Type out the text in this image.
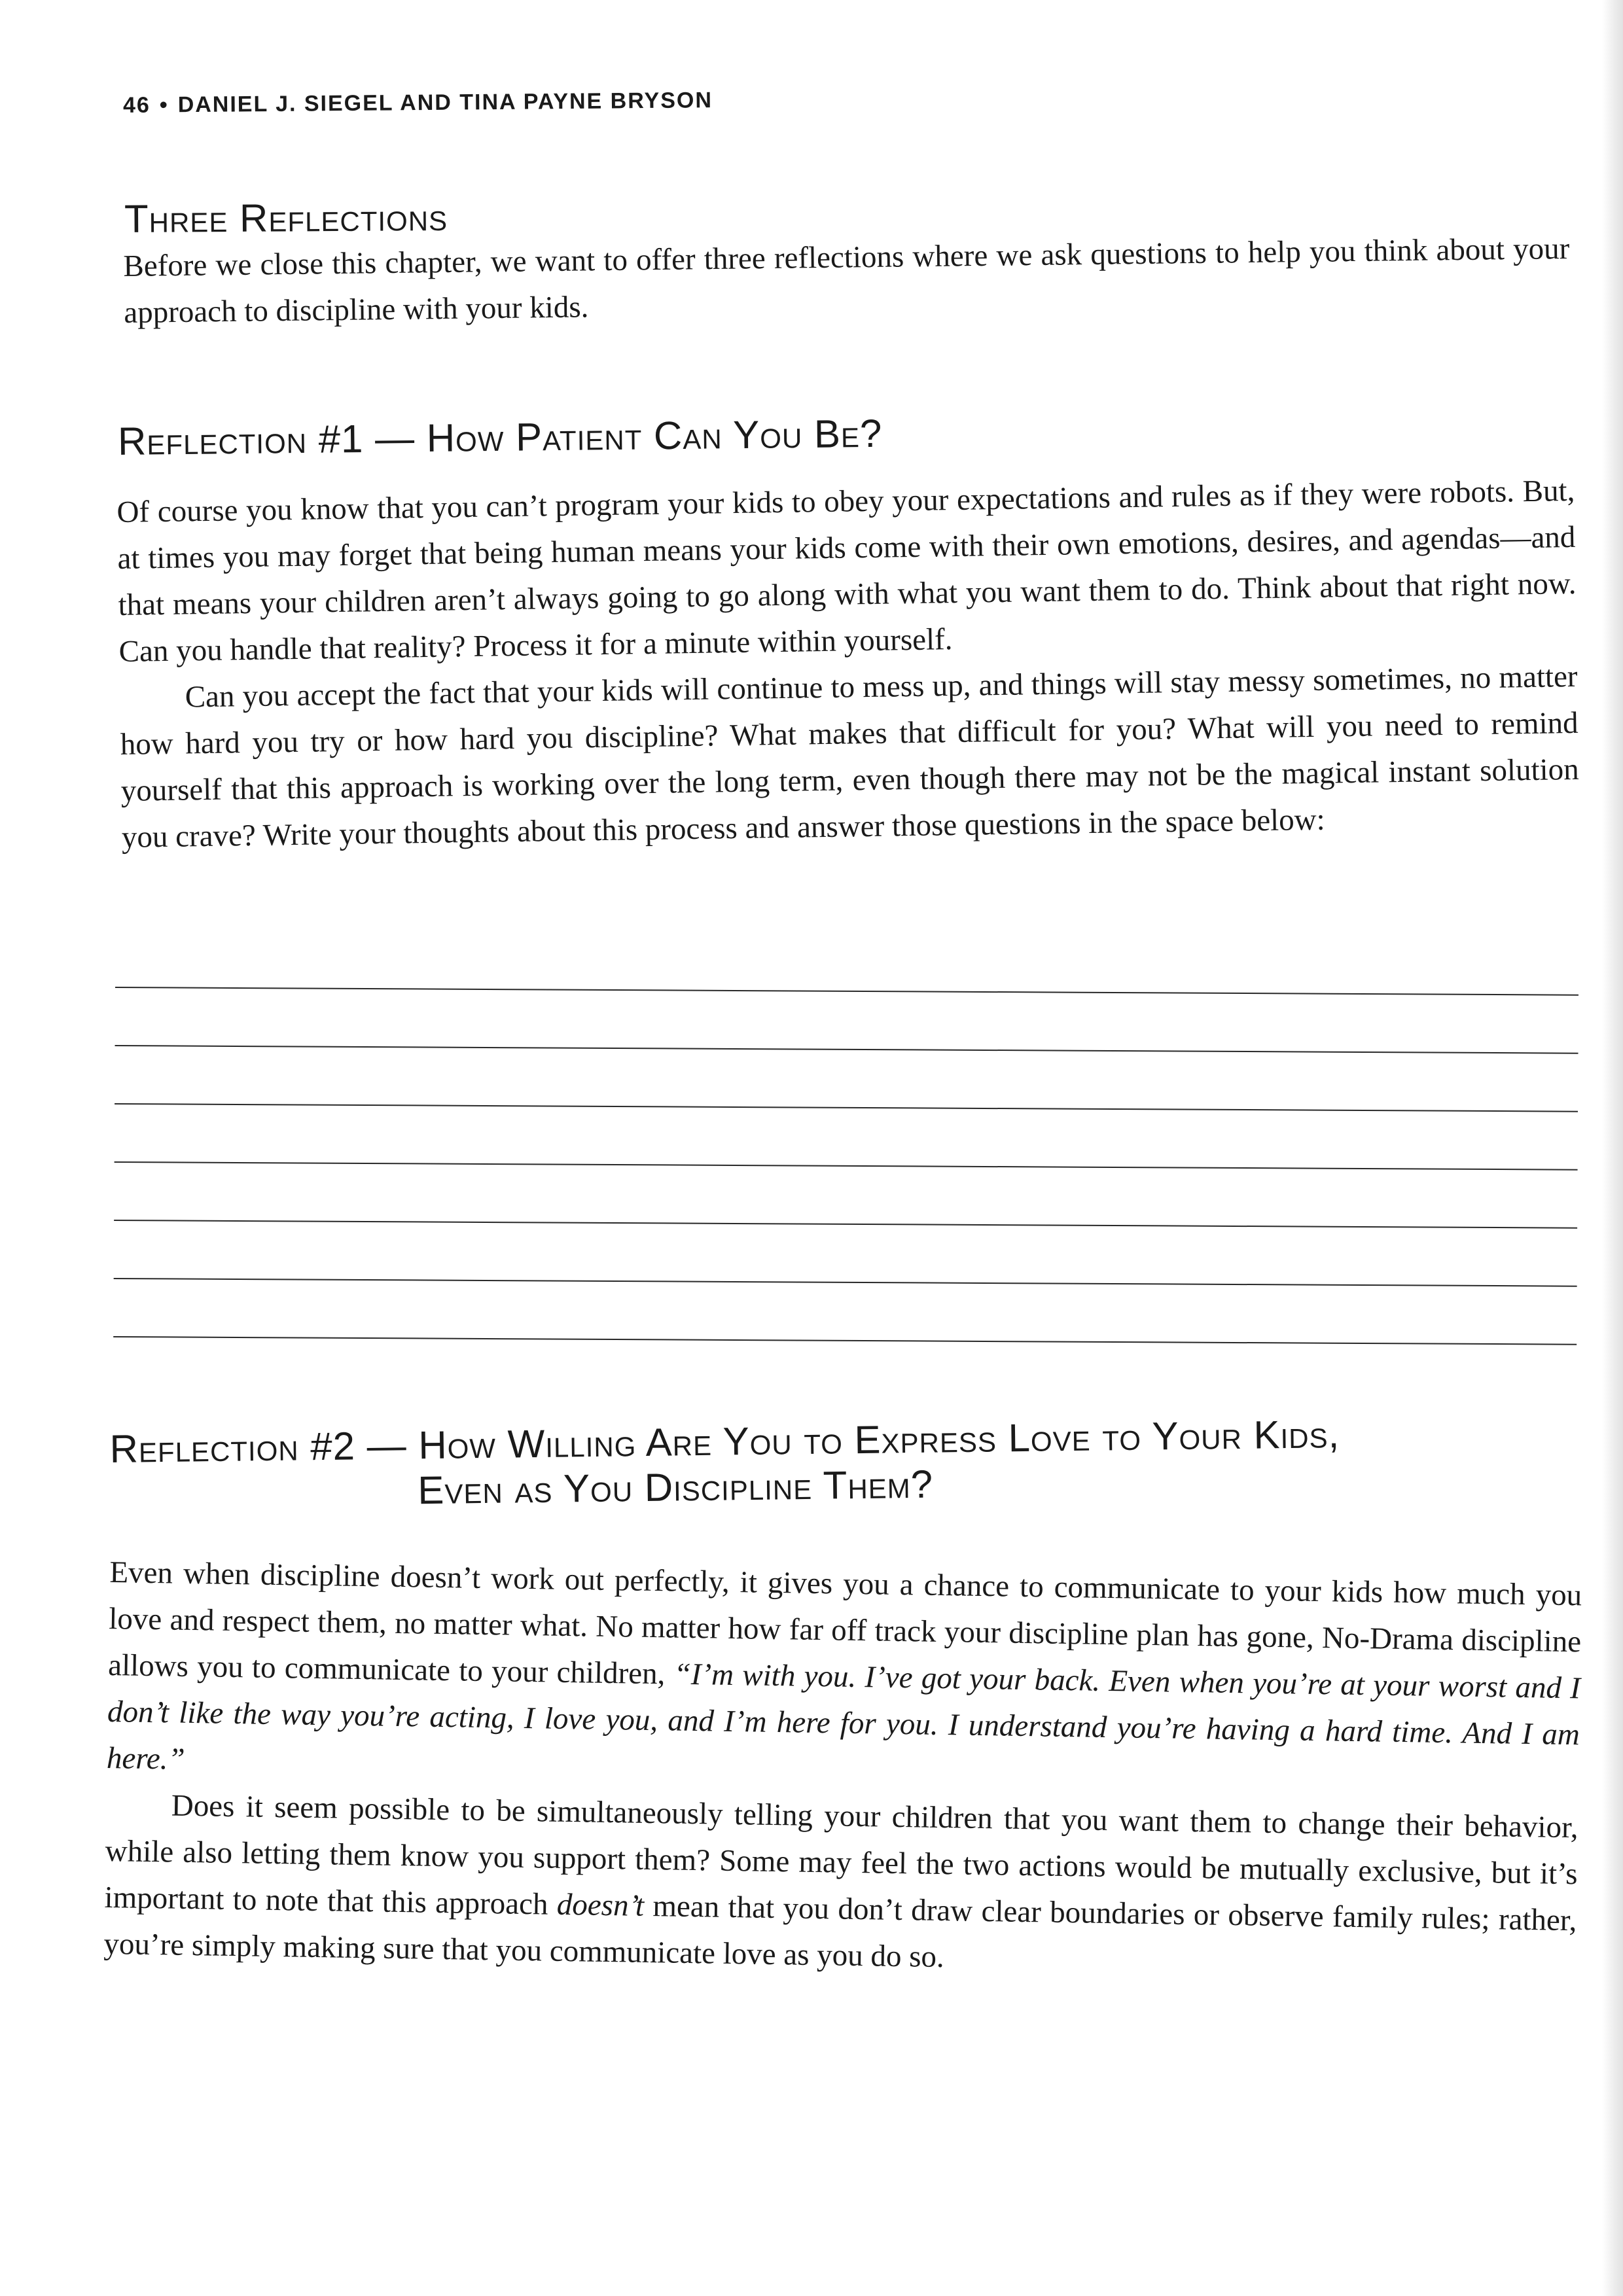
46 • DANIEL J. SIEGEL AND TINA PAYNE BRYSON
Three Reflections

Before we close this chapter, we want to offer three reflections where we ask questions to help you think about your approach to discipline with your kids.

Reflection #1 — How Patient Can You Be?

Of course you know that you can’t program your kids to obey your expectations and rules as if they were robots. But, at times you may forget that being human means your kids come with their own emotions, desires, and agendas—and that means your children aren’t always going to go along with what you want them to do. Think about that right now. Can you handle that reality? Process it for a minute within yourself.

Can you accept the fact that your kids will continue to mess up, and things will stay messy sometimes, no matter how hard you try or how hard you discipline? What makes that difficult for you? What will you need to remind yourself that this approach is working over the long term, even though there may not be the magical instant solution you crave? Write your thoughts about this process and answer those questions in the space below:

Reflection #2 — How Willing Are You to Express Love to Your Kids,
Even as You Discipline Them?

Even when discipline doesn’t work out perfectly, it gives you a chance to communicate to your kids how much you love and respect them, no matter what. No matter how far off track your discipline plan has gone, No-Drama discipline allows you to communicate to your children, “I’m with you. I’ve got your back. Even when you’re at your worst and I don’t like the way you’re acting, I love you, and I’m here for you. I understand you’re having a hard time. And I am here.”

Does it seem possible to be simultaneously telling your children that you want them to change their behavior, while also letting them know you support them? Some may feel the two actions would be mutually exclusive, but it’s important to note that this approach doesn’t mean that you don’t draw clear boundaries or observe family rules; rather, you’re simply making sure that you communicate love as you do so.
